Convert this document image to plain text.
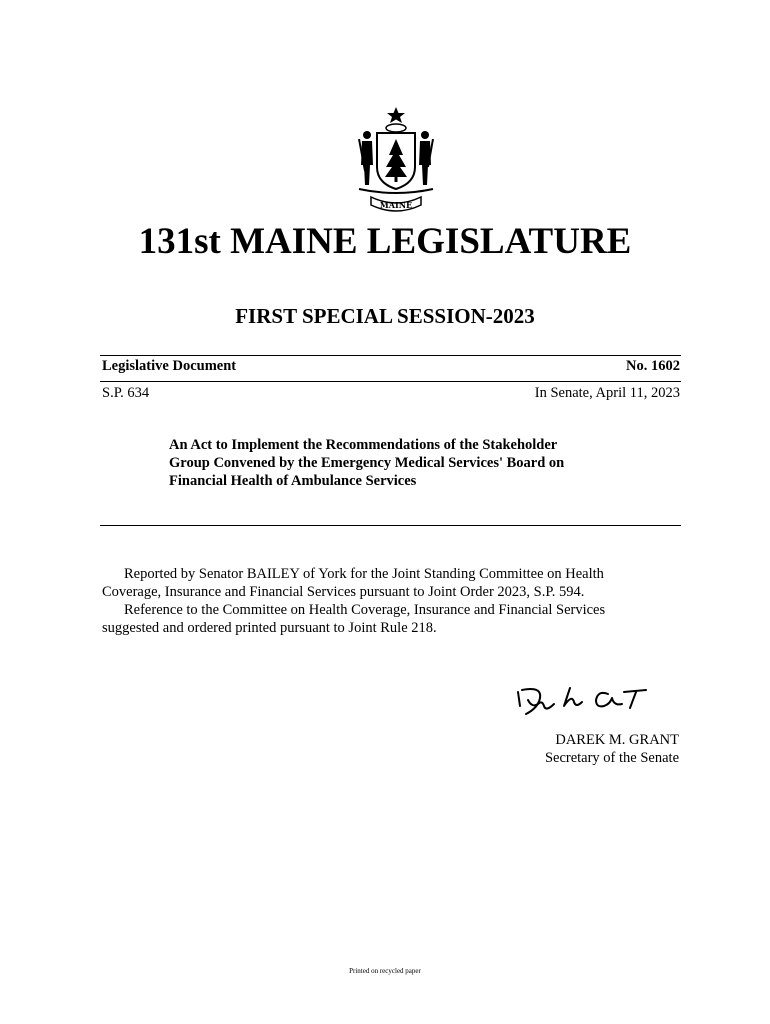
MAINE
131st MAINE LEGISLATURE
FIRST SPECIAL SESSION-2023
Legislative Document	No. 1602
S.P. 634	In Senate, April 11, 2023
An Act to Implement the Recommendations of the Stakeholder
Group Convened by the Emergency Medical Services' Board on
Financial Health of Ambulance Services
Reported by Senator BAILEY of York for the Joint Standing Committee on Health
Coverage, Insurance and Financial Services pursuant to Joint Order 2023, S.P. 594.
Reference to the Committee on Health Coverage, Insurance and Financial Services
suggested and ordered printed pursuant to Joint Rule 218.
DAREK M. GRANT
Secretary of the Senate
Printed on recycled paper
